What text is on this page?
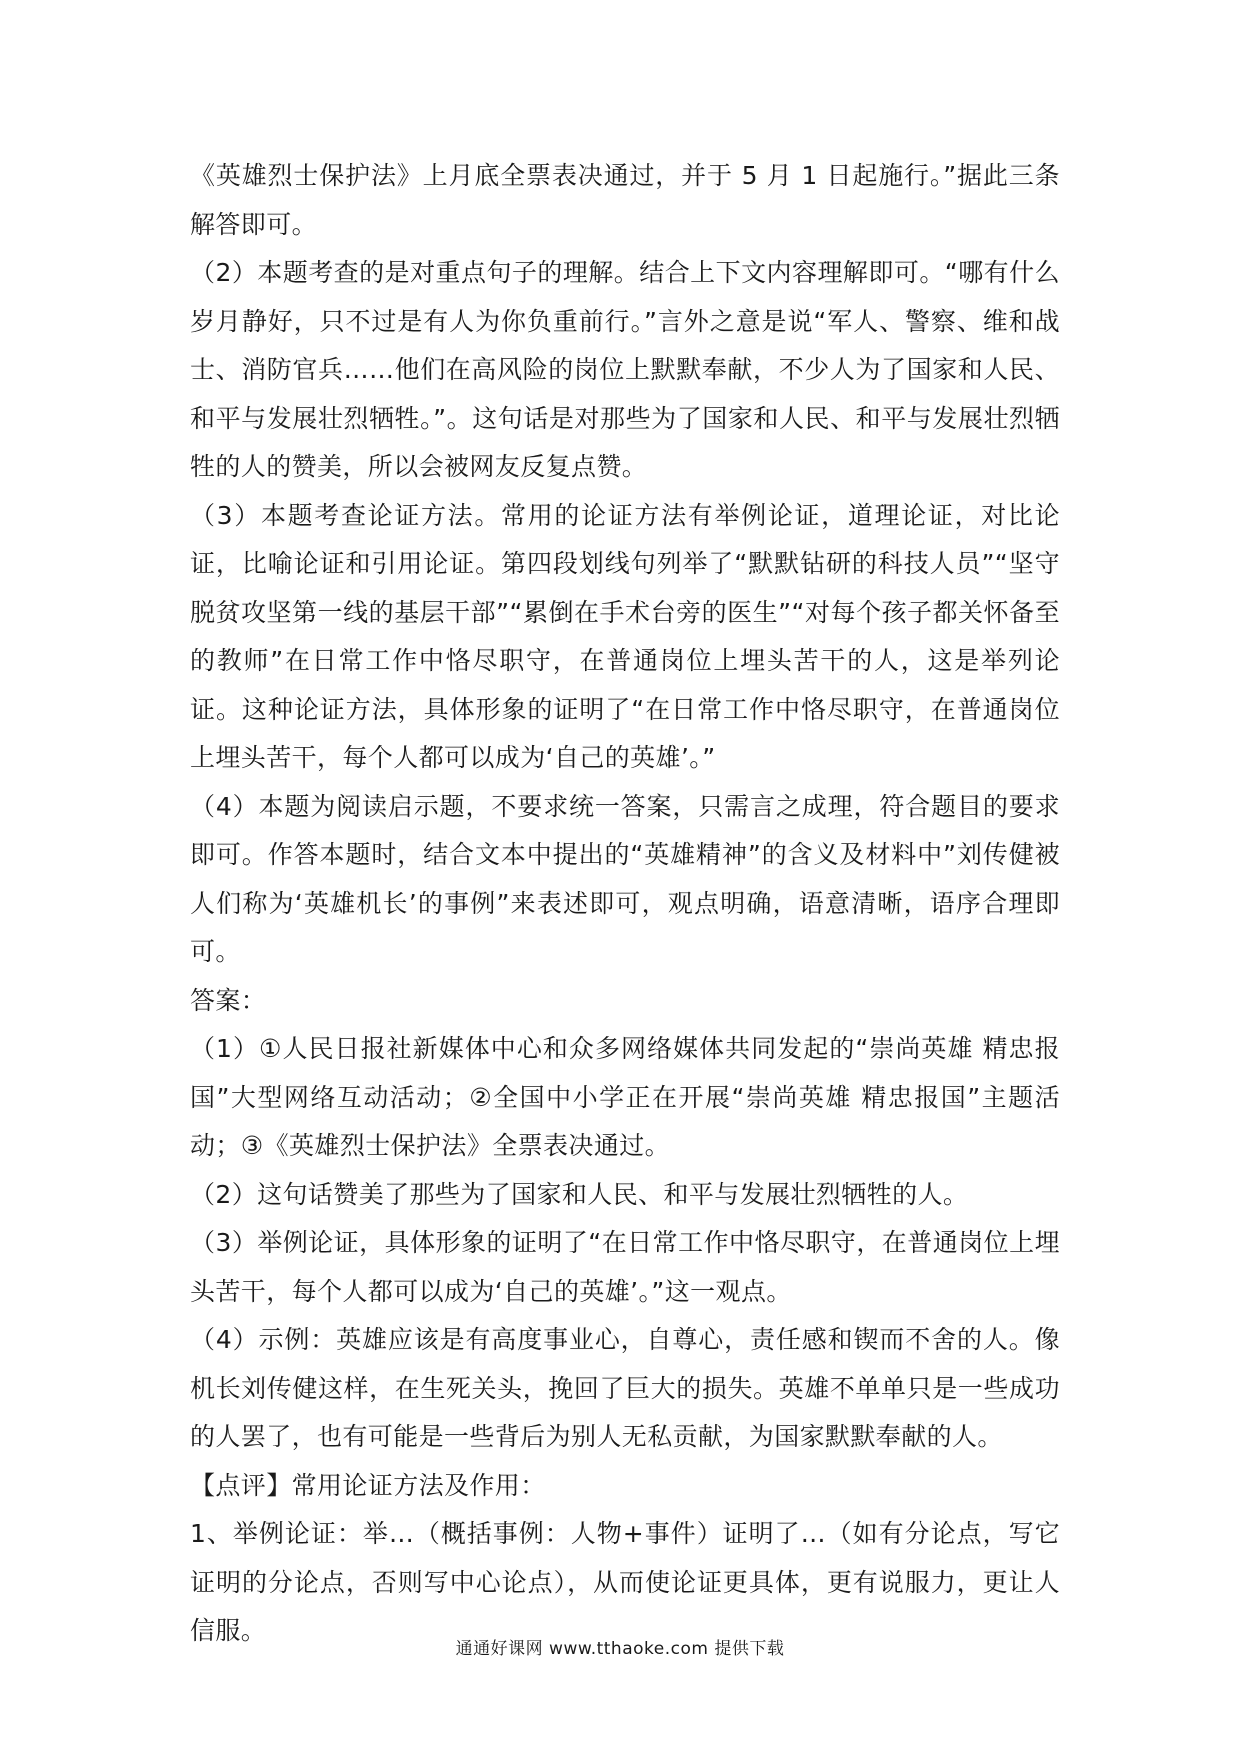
《英雄烈士保护法》上月底全票表决通过，并于 5 月 1 日起施行。”据此三条解答即可。

（2）本题考查的是对重点句子的理解。结合上下文内容理解即可。“哪有什么岁月静好，只不过是有人为你负重前行。”言外之意是说“军人、警察、维和战士、消防官兵……他们在高风险的岗位上默默奉献，不少人为了国家和人民、和平与发展壮烈牺牲。”。这句话是对那些为了国家和人民、和平与发展壮烈牺牲的人的赞美，所以会被网友反复点赞。

（3）本题考查论证方法。常用的论证方法有举例论证，道理论证，对比论证，比喻论证和引用论证。第四段划线句列举了“默默钻研的科技人员”“坚守脱贫攻坚第一线的基层干部”“累倒在手术台旁的医生”“对每个孩子都关怀备至的教师”在日常工作中恪尽职守，在普通岗位上埋头苦干的人，这是举列论证。这种论证方法，具体形象的证明了“在日常工作中恪尽职守，在普通岗位上埋头苦干，每个人都可以成为‘自己的英雄’。”

（4）本题为阅读启示题，不要求统一答案，只需言之成理，符合题目的要求即可。作答本题时，结合文本中提出的“英雄精神”的含义及材料中”刘传健被人们称为‘英雄机长’的事例”来表述即可，观点明确，语意清晰，语序合理即可。

答案：

（1）①人民日报社新媒体中心和众多网络媒体共同发起的“崇尚英雄 精忠报国”大型网络互动活动；②全国中小学正在开展“崇尚英雄 精忠报国”主题活动；③《英雄烈士保护法》全票表决通过。

（2）这句话赞美了那些为了国家和人民、和平与发展壮烈牺牲的人。

（3）举例论证，具体形象的证明了“在日常工作中恪尽职守，在普通岗位上埋头苦干，每个人都可以成为‘自己的英雄’。”这一观点。

（4）示例：英雄应该是有高度事业心，自尊心，责任感和锲而不舍的人。像机长刘传健这样，在生死关头，挽回了巨大的损失。英雄不单单只是一些成功的人罢了，也有可能是一些背后为别人无私贡献，为国家默默奉献的人。

【点评】常用论证方法及作用：

1、举例论证：举…（概括事例：人物+事件）证明了…（如有分论点，写它证明的分论点，否则写中心论点），从而使论证更具体，更有说服力，更让人信服。

通通好课网 www.tthaoke.com 提供下载
